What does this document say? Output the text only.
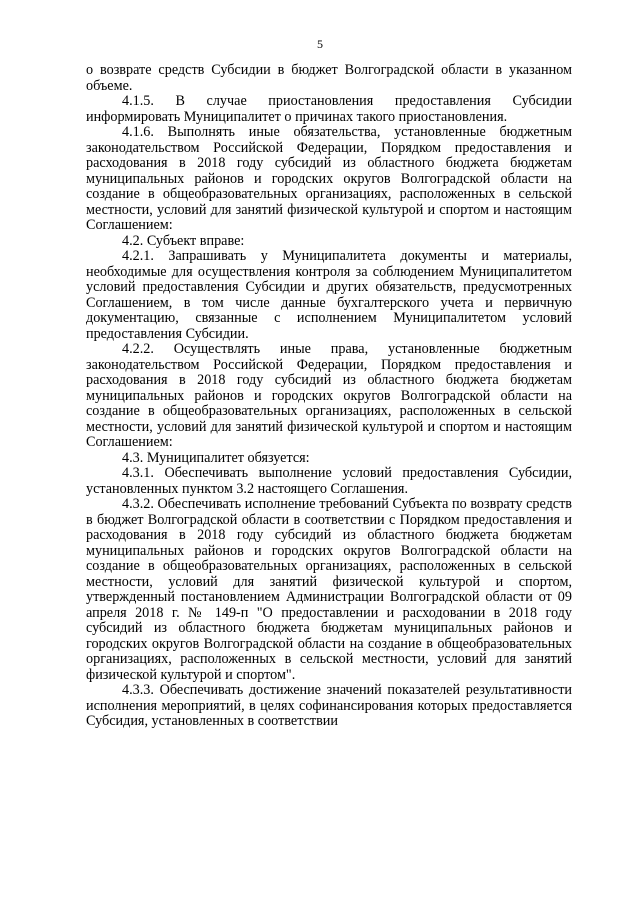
5

о возврате средств Субсидии в бюджет Волгоградской области в указанном объеме.

4.1.5. В случае приостановления предоставления Субсидии информировать Муниципалитет о причинах такого приостановления.

4.1.6. Выполнять иные обязательства, установленные бюджетным законодательством Российской Федерации, Порядком предоставления и расходования в 2018 году субсидий из областного бюджета бюджетам муниципальных районов и городских округов Волгоградской области на создание в общеобразовательных организациях, расположенных в сельской местности, условий для занятий физической культурой и спортом и настоящим Соглашением:

4.2. Субъект вправе:

4.2.1. Запрашивать у Муниципалитета документы и материалы, необходимые для осуществления контроля за соблюдением Муниципалитетом условий предоставления Субсидии и других обязательств, предусмотренных Соглашением, в том числе данные бухгалтерского учета и первичную документацию, связанные с исполнением Муниципалитетом условий предоставления Субсидии.

4.2.2. Осуществлять иные права, установленные бюджетным законодательством Российской Федерации, Порядком предоставления и расходования в 2018 году субсидий из областного бюджета бюджетам муниципальных районов и городских округов Волгоградской области на создание в общеобразовательных организациях, расположенных в сельской местности, условий для занятий физической культурой и спортом и настоящим Соглашением:

4.3. Муниципалитет обязуется:

4.3.1. Обеспечивать выполнение условий предоставления Субсидии, установленных пунктом 3.2 настоящего Соглашения.

4.3.2. Обеспечивать исполнение требований Субъекта по возврату средств в бюджет Волгоградской области в соответствии с Порядком предоставления и расходования в 2018 году субсидий из областного бюджета бюджетам муниципальных районов и городских округов Волгоградской области на создание в общеобразовательных организациях, расположенных в сельской местности, условий для занятий физической культурой и спортом, утвержденный постановлением Администрации Волгоградской области от 09 апреля 2018 г. № 149-п "О предоставлении и расходовании в 2018 году субсидий из областного бюджета бюджетам муниципальных районов и городских округов Волгоградской области на создание в общеобразовательных организациях, расположенных в сельской местности, условий для занятий физической культурой и спортом".

4.3.3. Обеспечивать достижение значений показателей результативности исполнения мероприятий, в целях софинансирования которых предоставляется Субсидия, установленных в соответствии
